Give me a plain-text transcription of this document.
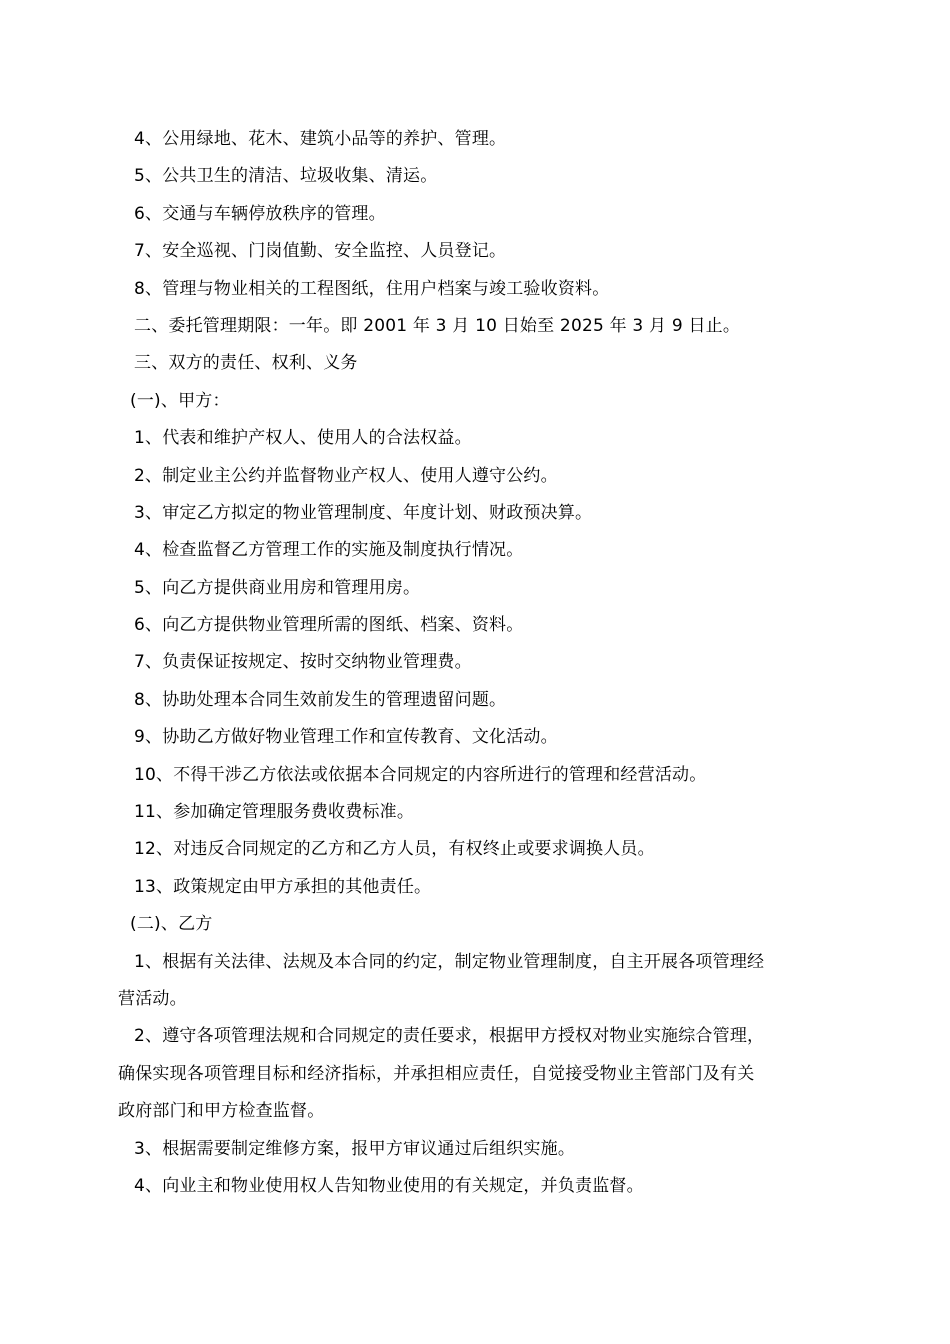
4、公用绿地、花木、建筑小品等的养护、管理。
5、公共卫生的清洁、垃圾收集、清运。
6、交通与车辆停放秩序的管理。
7、安全巡视、门岗值勤、安全监控、人员登记。
8、管理与物业相关的工程图纸，住用户档案与竣工验收资料。
二、委托管理期限：一年。即 2001 年 3 月 10 日始至 2025 年 3 月 9 日止。
三、双方的责任、权利、义务
(一)、甲方：
1、代表和维护产权人、使用人的合法权益。
2、制定业主公约并监督物业产权人、使用人遵守公约。
3、审定乙方拟定的物业管理制度、年度计划、财政预决算。
4、检查监督乙方管理工作的实施及制度执行情况。
5、向乙方提供商业用房和管理用房。
6、向乙方提供物业管理所需的图纸、档案、资料。
7、负责保证按规定、按时交纳物业管理费。
8、协助处理本合同生效前发生的管理遗留问题。
9、协助乙方做好物业管理工作和宣传教育、文化活动。
10、不得干涉乙方依法或依据本合同规定的内容所进行的管理和经营活动。
11、参加确定管理服务费收费标准。
12、对违反合同规定的乙方和乙方人员，有权终止或要求调换人员。
13、政策规定由甲方承担的其他责任。
(二)、乙方
1、根据有关法律、法规及本合同的约定，制定物业管理制度，自主开展各项管理经
营活动。
2、遵守各项管理法规和合同规定的责任要求，根据甲方授权对物业实施综合管理，
确保实现各项管理目标和经济指标，并承担相应责任，自觉接受物业主管部门及有关
政府部门和甲方检查监督。
3、根据需要制定维修方案，报甲方审议通过后组织实施。
4、向业主和物业使用权人告知物业使用的有关规定，并负责监督。
